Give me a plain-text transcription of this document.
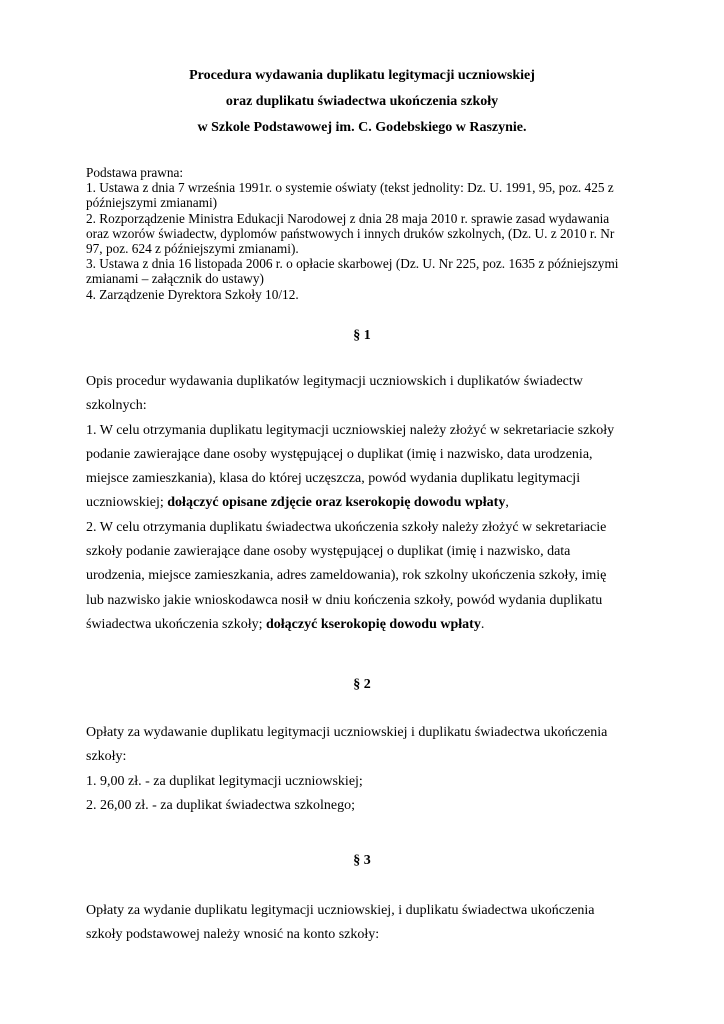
Procedura wydawania duplikatu legitymacji uczniowskiej
oraz duplikatu świadectwa ukończenia szkoły
w Szkole Podstawowej im. C. Godebskiego w Raszynie.
Podstawa prawna:
1. Ustawa z dnia 7 września 1991r. o systemie oświaty (tekst jednolity: Dz. U. 1991, 95, poz. 425 z
późniejszymi zmianami)
2. Rozporządzenie Ministra Edukacji Narodowej z dnia 28 maja 2010 r. sprawie zasad wydawania
oraz wzorów świadectw, dyplomów państwowych i innych druków szkolnych, (Dz. U. z 2010 r. Nr
97, poz. 624 z późniejszymi zmianami).
3. Ustawa z dnia 16 listopada 2006 r. o opłacie skarbowej (Dz. U. Nr 225, poz. 1635 z późniejszymi
zmianami – załącznik do ustawy)
4. Zarządzenie Dyrektora Szkoły 10/12.
§ 1
Opis procedur wydawania duplikatów legitymacji uczniowskich i duplikatów świadectw
szkolnych:
1. W celu otrzymania duplikatu legitymacji uczniowskiej należy złożyć w sekretariacie szkoły
podanie zawierające dane osoby występującej o duplikat (imię i nazwisko, data urodzenia,
miejsce zamieszkania), klasa do której uczęszcza, powód wydania duplikatu legitymacji
uczniowskiej; dołączyć opisane zdjęcie oraz kserokopię dowodu wpłaty,
2. W celu otrzymania duplikatu świadectwa ukończenia szkoły należy złożyć w sekretariacie
szkoły podanie zawierające dane osoby występującej o duplikat (imię i nazwisko, data
urodzenia, miejsce zamieszkania, adres zameldowania), rok szkolny ukończenia szkoły, imię
lub nazwisko jakie wnioskodawca nosił w dniu kończenia szkoły, powód wydania duplikatu
świadectwa ukończenia szkoły; dołączyć kserokopię dowodu wpłaty.
§ 2
Opłaty za wydawanie duplikatu legitymacji uczniowskiej i duplikatu świadectwa ukończenia
szkoły:
1. 9,00 zł. - za duplikat legitymacji uczniowskiej;
2. 26,00 zł. - za duplikat świadectwa szkolnego;
§ 3
Opłaty za wydanie duplikatu legitymacji uczniowskiej, i duplikatu świadectwa ukończenia
szkoły podstawowej należy wnosić na konto szkoły:
